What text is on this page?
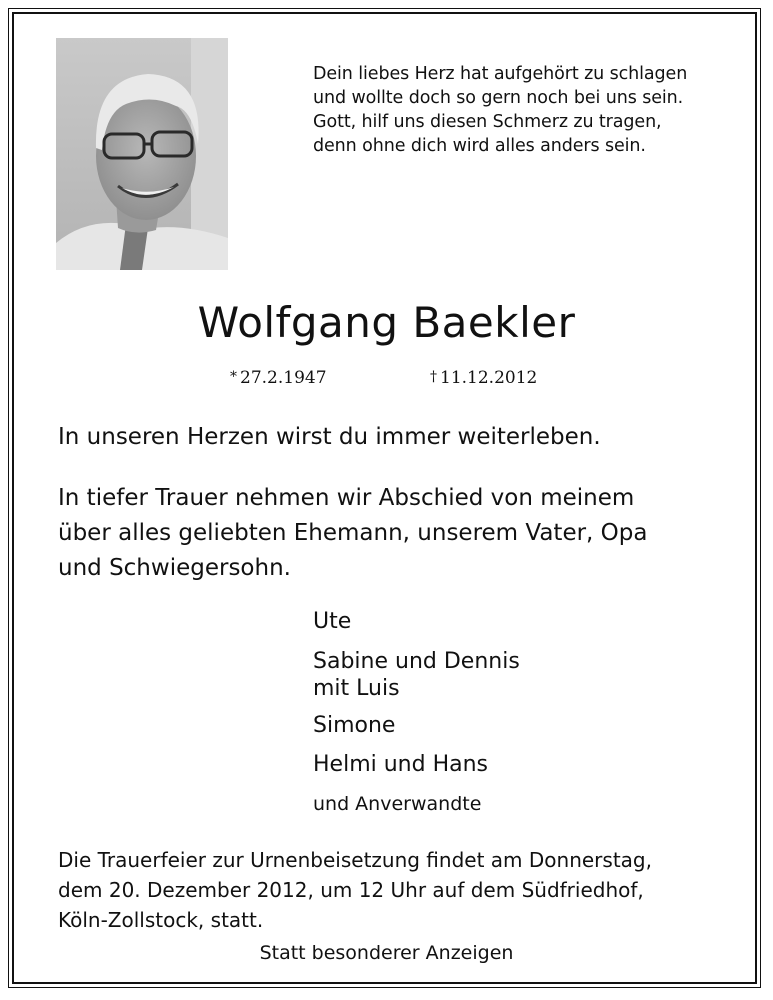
Dein liebes Herz hat aufgehört zu schlagen
und wollte doch so gern noch bei uns sein.
Gott, hilf uns diesen Schmerz zu tragen,
denn ohne dich wird alles anders sein.
Wolfgang Baekler
* 27.2.1947	† 11.12.2012
In unseren Herzen wirst du immer weiterleben.
In tiefer Trauer nehmen wir Abschied von meinem
über alles geliebten Ehemann, unserem Vater, Opa
und Schwiegersohn.
Ute
Sabine und Dennis
mit Luis
Simone
Helmi und Hans
und Anverwandte
Die Trauerfeier zur Urnenbeisetzung findet am Donnerstag,
dem 20. Dezember 2012, um 12 Uhr auf dem Südfriedhof,
Köln-Zollstock, statt.
Statt besonderer Anzeigen
